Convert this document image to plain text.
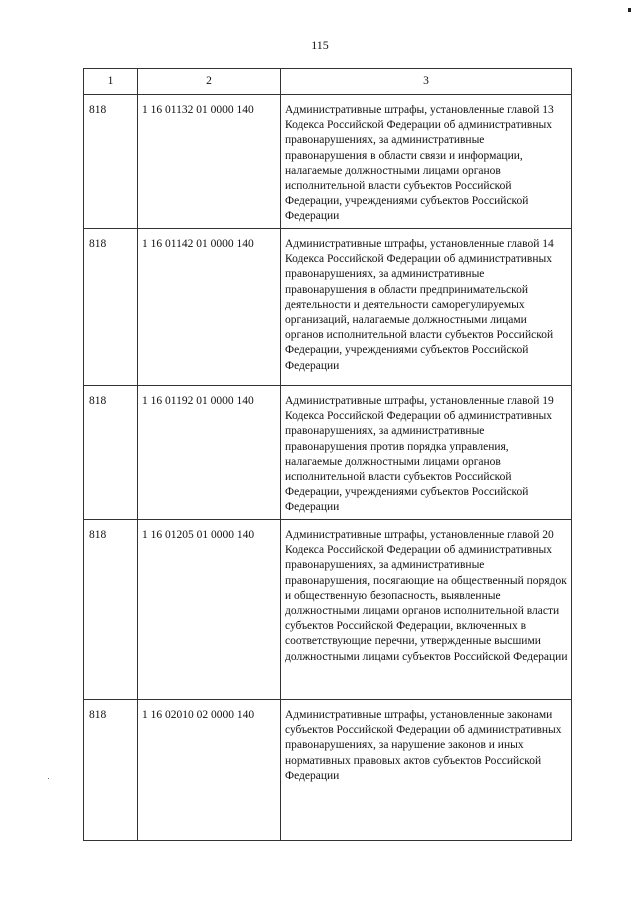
115
1	2	3
818	1 16 01132 01 0000 140	Административные штрафы, установленные главой 13 Кодекса Российской Федерации об административных правонарушениях, за административные правонарушения в области связи и информации, налагаемые должностными лицами органов исполнительной власти субъектов Российской Федерации, учреждениями субъектов Российской Федерации
818	1 16 01142 01 0000 140	Административные штрафы, установленные главой 14 Кодекса Российской Федерации об административных правонарушениях, за административные правонарушения в области предпринимательской деятельности и деятельности саморегулируемых организаций, налагаемые должностными лицами органов исполнительной власти субъектов Российской Федерации, учреждениями субъектов Российской Федерации
818	1 16 01192 01 0000 140	Административные штрафы, установленные главой 19 Кодекса Российской Федерации об административных правонарушениях, за административные правонарушения против порядка управления, налагаемые должностными лицами органов исполнительной власти субъектов Российской Федерации, учреждениями субъектов Российской Федерации
818	1 16 01205 01 0000 140	Административные штрафы, установленные главой 20 Кодекса Российской Федерации об административных правонарушениях, за административные правонарушения, посягающие на общественный порядок и общественную безопасность, выявленные должностными лицами органов исполнительной власти субъектов Российской Федерации, включенных в соответствующие перечни, утвержденные высшими должностными лицами субъектов Российской Федерации
818	1 16 02010 02 0000 140	Административные штрафы, установленные законами субъектов Российской Федерации об административных правонарушениях, за нарушение законов и иных нормативных правовых актов субъектов Российской Федерации
